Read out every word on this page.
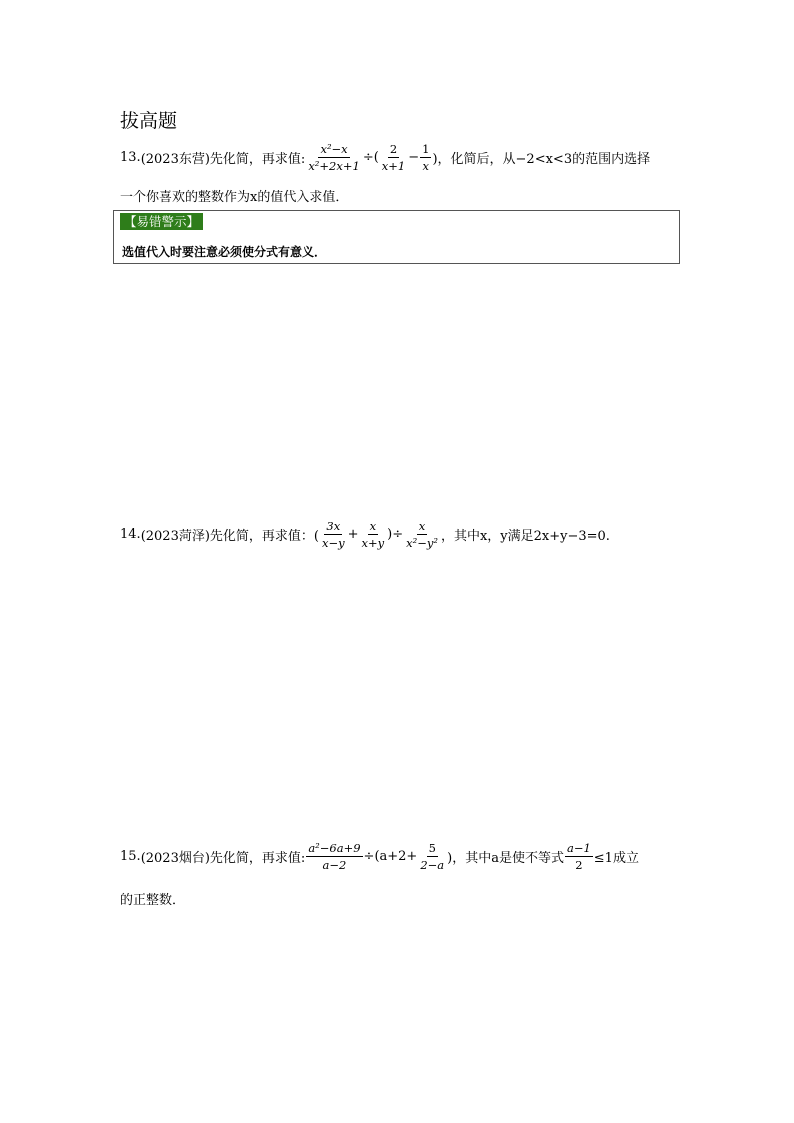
拔高题
13. (2023东营) 先化简，再求值: $\frac{\text{x²−x}}{\text{x²+2x+1}}$ ÷( $\frac{2}{x+1} - \frac{1}{x}$ )，化简后，从−2<x<3的范围内选择
一个你喜欢的整数作为x的值代入求值．
【易错警示】
选值代入时要注意必须使分式有意义．
14. (2023菏泽) 先化简，再求值：( $\frac{3x}{x-y} + \frac{x}{x+y}$ )÷ $\frac{x}{\text{x²−y²}}$ ，其中x，y满足2x+y−3=0.
15. (2023烟台) 先化简，再求值: $\frac{\text{a²−6a+9}}{a-2} \div(a+2+ \frac{5}{2-a}$ )，其中a是使不等式 $\frac{a-1}{2} \le 1$成立
的正整数．
